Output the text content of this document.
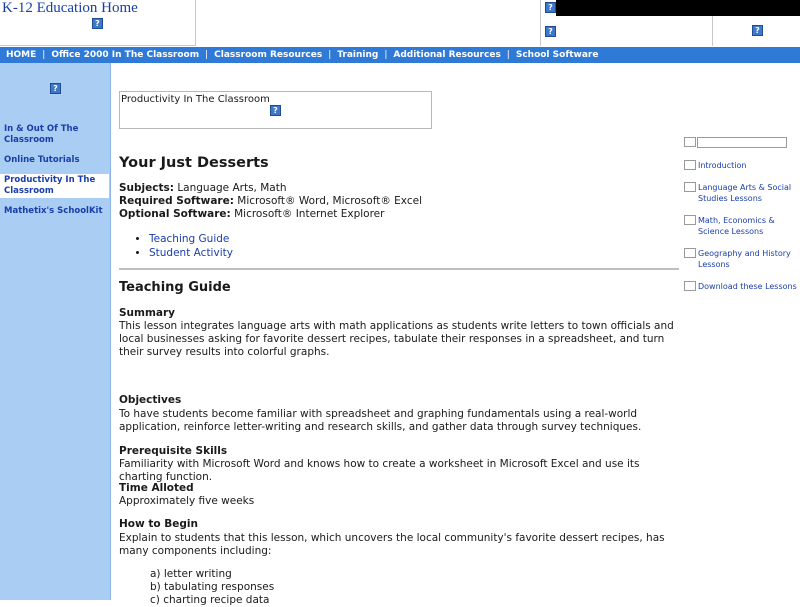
K-12 Education Home
?
?
?	?
HOME | Office 2000 In The Classroom | Classroom Resources | Training | Additional Resources | School Software
?
In & Out Of The Classroom
Online Tutorials
Productivity In The Classroom
Mathetix's SchoolKit
Productivity In The Classroom
?
Your Just Desserts
Subjects: Language Arts, Math
Required Software: Microsoft® Word, Microsoft® Excel
Optional Software: Microsoft® Internet Explorer
• Teaching Guide
• Student Activity
Teaching Guide
Summary

This lesson integrates language arts with math applications as students write letters to town officials and local businesses asking for favorite dessert recipes, tabulate their responses in a spreadsheet, and turn their survey results into colorful graphs.

Objectives

To have students become familiar with spreadsheet and graphing fundamentals using a real-world application, reinforce letter-writing and research skills, and gather data through survey techniques.

Prerequisite Skills

Familiarity with Microsoft Word and knows how to create a worksheet in Microsoft Excel and use its charting function.

Time Alloted

Approximately five weeks

How to Begin

Explain to students that this lesson, which uncovers the local community's favorite dessert recipes, has many components including:

a) letter writing
b) tabulating responses
c) charting recipe data
Introduction
Language Arts & Social Studies Lessons
Math, Economics & Science Lessons
Geography and History Lessons
Download these Lessons
